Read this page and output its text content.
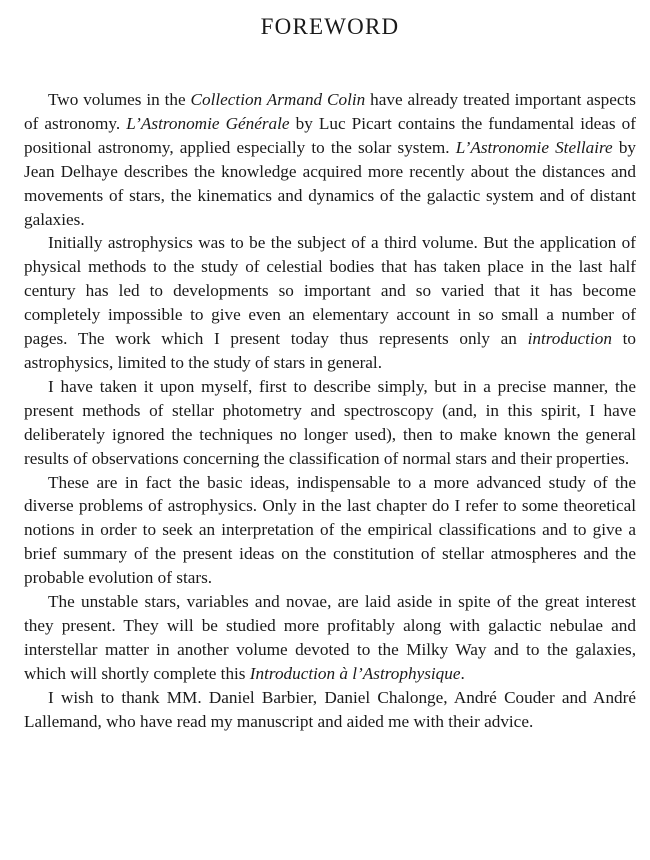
FOREWORD

Two volumes in the Collection Armand Colin have already treated important aspects of astronomy. L’Astronomie Générale by Luc Picart contains the fundamental ideas of positional astronomy, applied especially to the solar system. L’Astronomie Stellaire by Jean Delhaye describes the knowledge acquired more recently about the distances and movements of stars, the kinematics and dynamics of the galactic system and of distant galaxies.

Initially astrophysics was to be the subject of a third volume. But the application of physical methods to the study of celestial bodies that has taken place in the last half century has led to developments so important and so varied that it has become completely impossible to give even an elementary account in so small a number of pages. The work which I present today thus represents only an introduction to astrophysics, limited to the study of stars in general.

I have taken it upon myself, first to describe simply, but in a precise manner, the present methods of stellar photometry and spectroscopy (and, in this spirit, I have deliberately ignored the techniques no longer used), then to make known the general results of observations concerning the classification of normal stars and their properties.

These are in fact the basic ideas, indispensable to a more advanced study of the diverse problems of astrophysics. Only in the last chapter do I refer to some theoretical notions in order to seek an interpretation of the empirical classifications and to give a brief summary of the present ideas on the constitution of stellar atmospheres and the probable evolution of stars.

The unstable stars, variables and novae, are laid aside in spite of the great interest they present. They will be studied more profitably along with galactic nebulae and interstellar matter in another volume devoted to the Milky Way and to the galaxies, which will shortly complete this Introduction à l’Astrophysique.

I wish to thank MM. Daniel Barbier, Daniel Chalonge, André Couder and André Lallemand, who have read my manuscript and aided me with their advice.
